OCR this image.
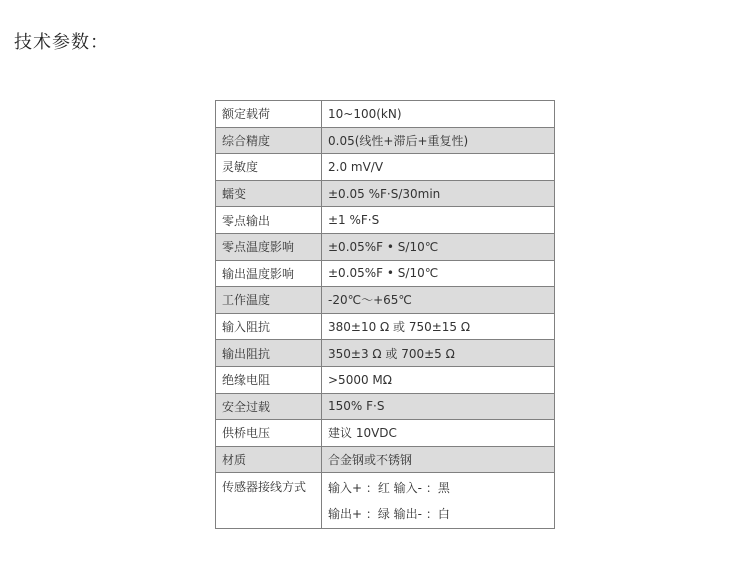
技术参数：
额定载荷	10~100(kN)
综合精度	0.05(线性+滞后+重复性)
灵敏度	2.0 mV/V
蠕变	±0.05 %F·S/30min
零点输出	±1 %F·S
零点温度影响	±0.05%F • S/10℃
输出温度影响	±0.05%F • S/10℃
工作温度	-20℃～+65℃
输入阻抗	380±10 Ω 或 750±15 Ω
输出阻抗	350±3 Ω 或 700±5 Ω
绝缘电阻	>5000 MΩ
安全过载	150% F·S
供桥电压	建议 10VDC
材质	合金钢或不锈钢
传感器接线方式	输入+ ：红 输入- ：黑
输出+ ：绿 输出- ：白
